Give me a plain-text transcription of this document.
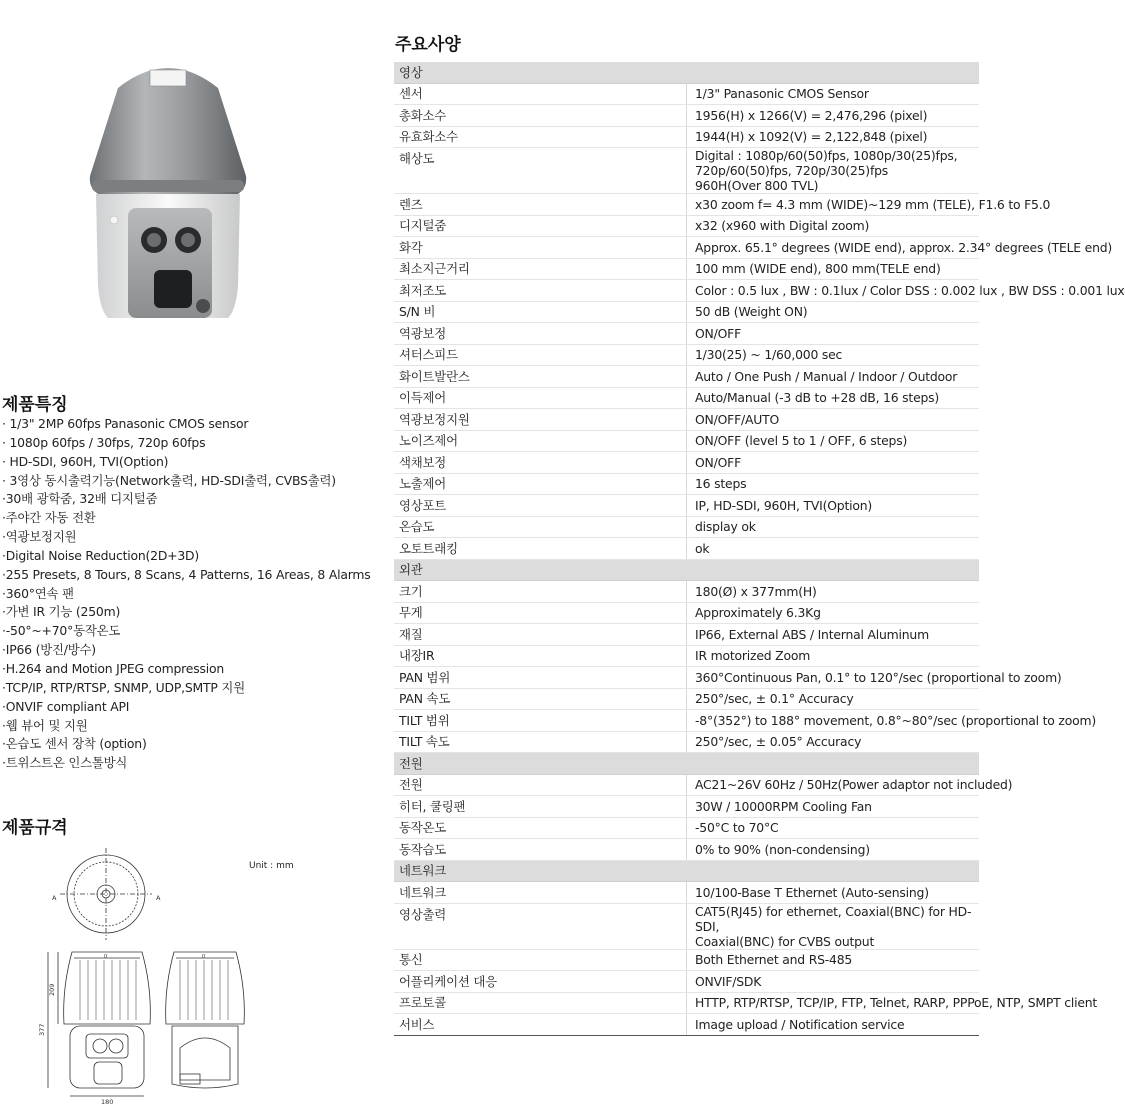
제품특징
· 1/3" 2MP 60fps Panasonic CMOS sensor
· 1080p 60fps / 30fps, 720p 60fps
· HD-SDI, 960H, TVI(Option)
· 3영상 동시출력기능(Network출력, HD-SDI출력, CVBS출력)
·30배 광학줌, 32배 디지털줌
·주야간 자동 전환
·역광보정지원
·Digital Noise Reduction(2D+3D)
·255 Presets, 8 Tours, 8 Scans, 4 Patterns, 16 Areas, 8 Alarms
·360°연속 팬
·가변 IR 기능 (250m)
·-50°~+70°동작온도
·IP66 (방진/방수)
·H.264 and Motion JPEG compression
·TCP/IP, RTP/RTSP, SNMP, UDP,SMTP 지원
·ONVIF compliant API
·웹 뷰어 및 지원
·온습도 센서 장착 (option)
·트위스트온 인스톨방식
제품규격
Unit : mm
A	A
0
377
209
180
0
주요사양
영상	
센서	1/3" Panasonic CMOS Sensor
총화소수	1956(H) x 1266(V) = 2,476,296 (pixel)
유효화소수	1944(H) x 1092(V) = 2,122,848 (pixel)
해상도	Digital : 1080p/60(50)fps, 1080p/30(25)fps, 720p/60(50)fps, 720p/30(25)fps
960H(Over 800 TVL)

렌즈	x30 zoom f= 4.3 mm (WIDE)~129 mm (TELE), F1.6 to F5.0
디지털줌	x32 (x960 with Digital zoom)
화각	Approx. 65.1° degrees (WIDE end), approx. 2.34° degrees (TELE end)
최소지근거리	100 mm (WIDE end), 800 mm(TELE end)
최저조도	Color : 0.5 lux , BW : 0.1lux / Color DSS : 0.002 lux , BW DSS : 0.001 lux
S/N 비	50 dB (Weight ON)
역광보정	ON/OFF
셔터스피드	1/30(25) ~ 1/60,000 sec
화이트발란스	Auto / One Push / Manual / Indoor / Outdoor
이득제어	Auto/Manual (-3 dB to +28 dB, 16 steps)
역광보정지원	ON/OFF/AUTO
노이즈제어	ON/OFF (level 5 to 1 / OFF, 6 steps)
색채보정	ON/OFF
노출제어	16 steps
영상포트	IP, HD-SDI, 960H, TVI(Option)
온습도	display ok
오토트래킹	ok
외관	
크기	180(Ø) x 377mm(H)
무게	Approximately 6.3Kg
재질	IP66, External ABS / Internal Aluminum
내장IR	IR motorized Zoom
PAN 범위	360°Continuous Pan, 0.1° to 120°/sec (proportional to zoom)
PAN 속도	250°/sec, ± 0.1° Accuracy
TILT 범위	-8°(352°) to 188° movement, 0.8°~80°/sec (proportional to zoom)
TILT 속도	250°/sec, ± 0.05° Accuracy
전원	
전원	AC21~26V 60Hz / 50Hz(Power adaptor not included)
히터, 쿨링팬	30W / 10000RPM Cooling Fan
동작온도	-50°C to 70°C
동작습도	0% to 90% (non-condensing)
네트워크	
네트워크	10/100-Base T Ethernet (Auto-sensing)
영상출력	CAT5(RJ45) for ethernet, Coaxial(BNC) for HD-SDI,
Coaxial(BNC) for CVBS output

통신	Both Ethernet and RS-485
어플리케이션 대응	ONVIF/SDK
프로토콜	HTTP, RTP/RTSP, TCP/IP, FTP, Telnet, RARP, PPPoE, NTP, SMPT client
서비스	Image upload / Notification service
